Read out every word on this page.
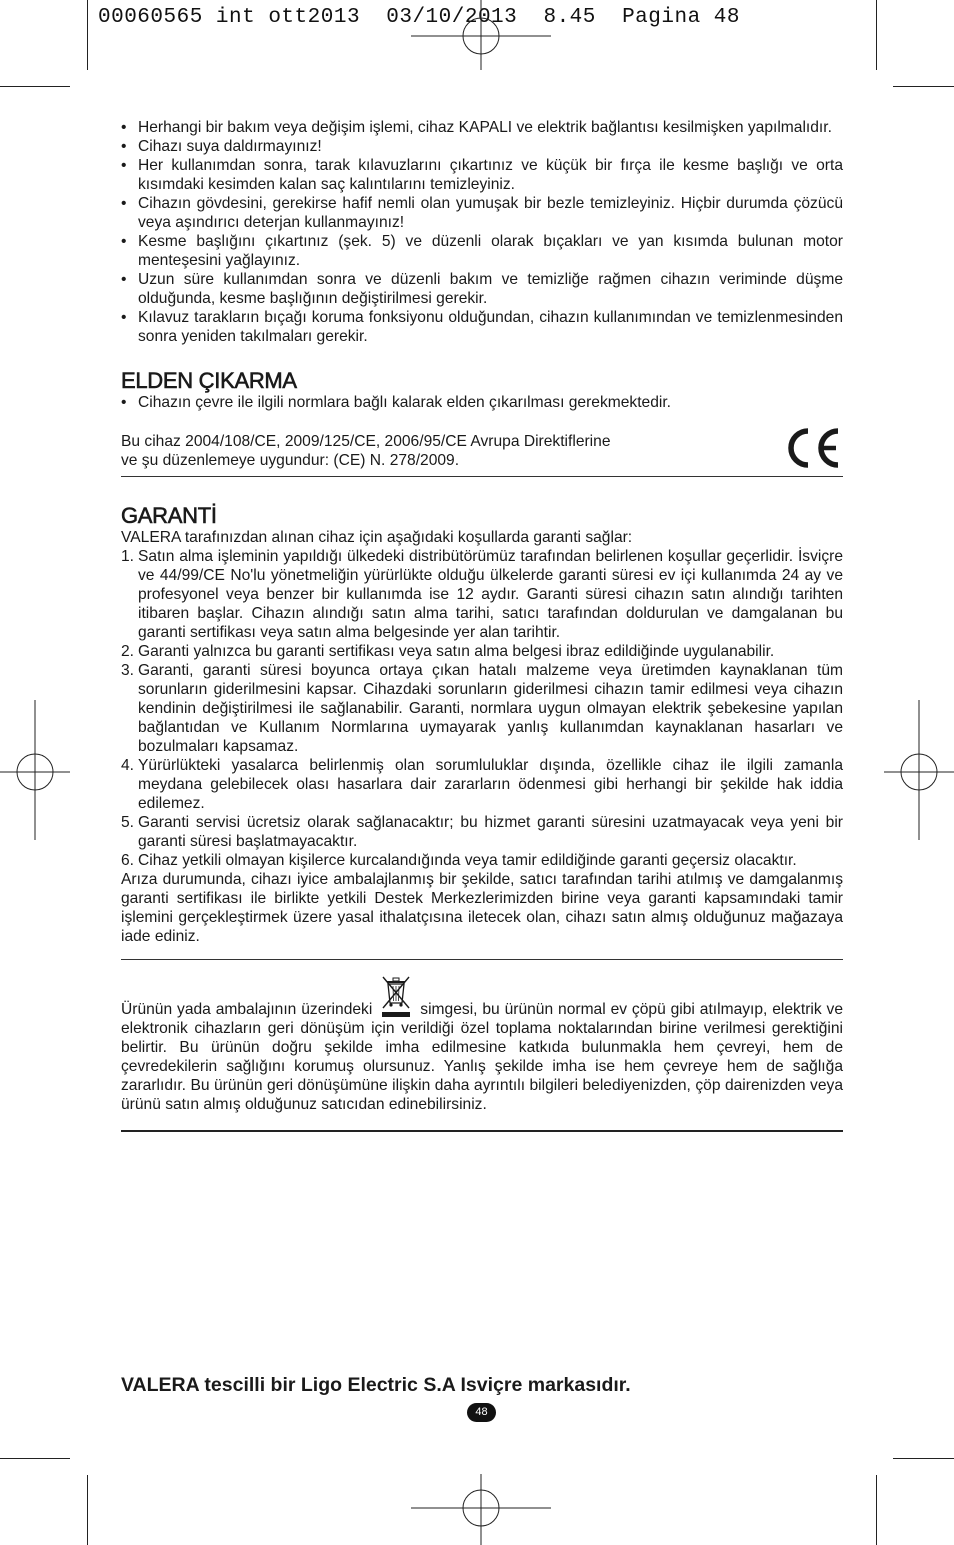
00060565 int ott2013  03/10/2013  8.45  Pagina 48
• Herhangi bir bakım veya değişim işlemi, cihaz KAPALI ve elektrik bağlantısı kesilmişken yapılmalıdır.
• Cihazı suya daldırmayınız!
• Her kullanımdan sonra, tarak kılavuzlarını çıkartınız ve küçük bir fırça ile kesme başlığı ve orta kısımdaki kesimden kalan saç kalıntılarını temizleyiniz.
• Cihazın gövdesini, gerekirse hafif nemli olan yumuşak bir bezle temizleyiniz. Hiçbir durumda çözücü veya aşındırıcı deterjan kullanmayınız!
• Kesme başlığını çıkartınız (şek. 5) ve düzenli olarak bıçakları ve yan kısımda bulunan motor menteşesini yağlayınız.
• Uzun süre kullanımdan sonra ve düzenli bakım ve temizliğe rağmen cihazın veriminde düşme olduğunda, kesme başlığının değiştirilmesi gerekir.
• Kılavuz tarakların bıçağı koruma fonksiyonu olduğundan, cihazın kullanımından ve temizlenmesinden sonra yeniden takılmaları gerekir.
ELDEN ÇIKARMA
• Cihazın çevre ile ilgili normlara bağlı kalarak elden çıkarılması gerekmektedir.

Bu cihaz 2004/108/CE, 2009/125/CE, 2006/95/CE Avrupa Direktiflerine
ve şu düzenlemeye uygundur: (CE) N. 278/2009.

GARANTİ

VALERA tarafınızdan alınan cihaz için aşağıdaki koşullarda garanti sağlar:

1. Satın alma işleminin yapıldığı ülkedeki distribütörümüz tarafından belirlenen koşullar geçerlidir. İsviçre ve 44/99/CE No'lu yönetmeliğin yürürlükte olduğu ülkelerde garanti süresi ev içi kullanımda 24 ay ve profesyonel veya benzer bir kullanımda ise 12 aydır. Garanti süresi cihazın satın alındığı tarihten itibaren başlar. Cihazın alındığı satın alma tarihi, satıcı tarafından doldurulan ve damgalanan bu garanti sertifikası veya satın alma belgesinde yer alan tarihtir.
2. Garanti yalnızca bu garanti sertifikası veya satın alma belgesi ibraz edildiğinde uygulanabilir.
3. Garanti, garanti süresi boyunca ortaya çıkan hatalı malzeme veya üretimden kaynaklanan tüm sorunların giderilmesini kapsar. Cihazdaki sorunların giderilmesi cihazın tamir edilmesi veya cihazın kendinin değiştirilmesi ile sağlanabilir. Garanti, normlara uygun olmayan elektrik şebekesine yapılan bağlantıdan ve Kullanım Normlarına uymayarak yanlış kullanımdan kaynaklanan hasarları ve bozulmaları kapsamaz.
4. Yürürlükteki yasalarca belirlenmiş olan sorumluluklar dışında, özellikle cihaz ile ilgili zamanla meydana gelebilecek olası hasarlara dair zararların ödenmesi gibi herhangi bir şekilde hak iddia edilemez.
5. Garanti servisi ücretsiz olarak sağlanacaktır; bu hizmet garanti süresini uzatmayacak veya yeni bir garanti süresi başlatmayacaktır.
6. Cihaz yetkili olmayan kişilerce kurcalandığında veya tamir edildiğinde garanti geçersiz olacaktır.

Arıza durumunda, cihazı iyice ambalajlanmış bir şekilde, satıcı tarafından tarihi atılmış ve damgalanmış garanti sertifikası ile birlikte yetkili Destek Merkezlerimizden birine veya garanti kapsamındaki tamir işlemini gerçekleştirmek üzere yasal ithalatçısına iletecek olan, cihazı satın almış olduğunuz mağazaya iade ediniz.

Ürünün yada ambalajının üzerindeki	simgesi, bu ürünün normal ev çöpü gibi atılmayıp, elektrik ve elektronik cihazların geri dönüşüm için verildiği özel toplama noktalarından birine verilmesi gerektiğini belirtir. Bu ürünün doğru şekilde imha edilmesine katkıda bulunmakla hem çevreyi, hem de çevredekilerin sağlığını korumuş olursunuz. Yanlış şekilde imha ise hem çevreye hem de sağlığa zararlıdır. Bu ürünün geri dönüşümüne ilişkin daha ayrıntılı bilgileri belediyenizden, çöp dairenizden veya ürünü satın almış olduğunuz satıcıdan edinebilirsiniz.

VALERA tescilli bir Ligo Electric S.A Isviçre markasıdır.
48
